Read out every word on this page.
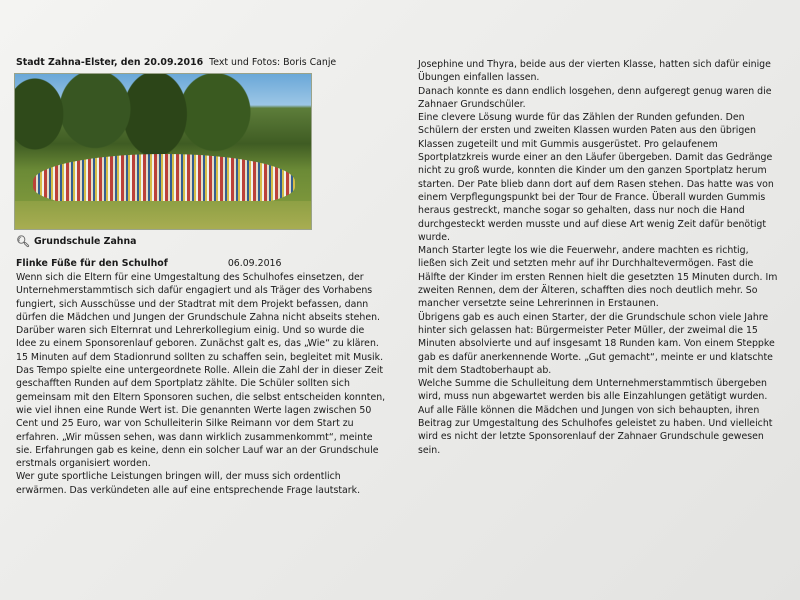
Stadt Zahna-Elster, den 20.09.2016 Text und Fotos: Boris Canje
🔍︎ Grundschule Zahna
Flinke Füße für den Schulhof	06.09.2016

Wenn sich die Eltern für eine Umgestaltung des Schulhofes einsetzen, der Unternehmerstammtisch sich dafür engagiert und als Träger des Vorhabens fungiert, sich Ausschüsse und der Stadtrat mit dem Projekt befassen, dann dürfen die Mädchen und Jungen der Grundschule Zahna nicht abseits stehen. Darüber waren sich Elternrat und Lehrerkollegium einig. Und so wurde die Idee zu einem Sponsorenlauf geboren. Zunächst galt es, das „Wie“ zu klären. 15 Minuten auf dem Stadionrund sollten zu schaffen sein, begleitet mit Musik. Das Tempo spielte eine untergeordnete Rolle. Allein die Zahl der in dieser Zeit geschafften Runden auf dem Sportplatz zählte. Die Schüler sollten sich gemeinsam mit den Eltern Sponsoren suchen, die selbst entscheiden konnten, wie viel ihnen eine Runde Wert ist. Die genannten Werte lagen zwischen 50 Cent und 25 Euro, war von Schulleiterin Silke Reimann vor dem Start zu erfahren. „Wir müssen sehen, was dann wirklich zusammenkommt“, meinte sie. Erfahrungen gab es keine, denn ein solcher Lauf war an der Grundschule erstmals organisiert worden.

Wer gute sportliche Leistungen bringen will, der muss sich ordentlich erwärmen. Das verkündeten alle auf eine entsprechende Frage lautstark.

Josephine und Thyra, beide aus der vierten Klasse, hatten sich dafür einige Übungen einfallen lassen.

Danach konnte es dann endlich losgehen, denn aufgeregt genug waren die Zahnaer Grundschüler.

Eine clevere Lösung wurde für das Zählen der Runden gefunden. Den Schülern der ersten und zweiten Klassen wurden Paten aus den übrigen Klassen zugeteilt und mit Gummis ausgerüstet. Pro gelaufenem Sportplatzkreis wurde einer an den Läufer übergeben. Damit das Gedränge nicht zu groß wurde, konnten die Kinder um den ganzen Sportplatz herum starten. Der Pate blieb dann dort auf dem Rasen stehen. Das hatte was von einem Verpflegungspunkt bei der Tour de France. Überall wurden Gummis heraus gestreckt, manche sogar so gehalten, dass nur noch die Hand durchgesteckt werden musste und auf diese Art wenig Zeit dafür benötigt wurde.

Manch Starter legte los wie die Feuerwehr, andere machten es richtig, ließen sich Zeit und setzten mehr auf ihr Durchhaltevermögen. Fast die Hälfte der Kinder im ersten Rennen hielt die gesetzten 15 Minuten durch. Im zweiten Rennen, dem der Älteren, schafften dies noch deutlich mehr. So mancher versetzte seine Lehrerinnen in Erstaunen.

Übrigens gab es auch einen Starter, der die Grundschule schon viele Jahre hinter sich gelassen hat: Bürgermeister Peter Müller, der zweimal die 15 Minuten absolvierte und auf insgesamt 18 Runden kam. Von einem Steppke gab es dafür anerkennende Worte. „Gut gemacht“, meinte er und klatschte mit dem Stadtoberhaupt ab.

Welche Summe die Schulleitung dem Unternehmerstammtisch übergeben wird, muss nun abgewartet werden bis alle Einzahlungen getätigt wurden. Auf alle Fälle können die Mädchen und Jungen von sich behaupten, ihren Beitrag zur Umgestaltung des Schulhofes geleistet zu haben. Und vielleicht wird es nicht der letzte Sponsorenlauf der Zahnaer Grundschule gewesen sein.
